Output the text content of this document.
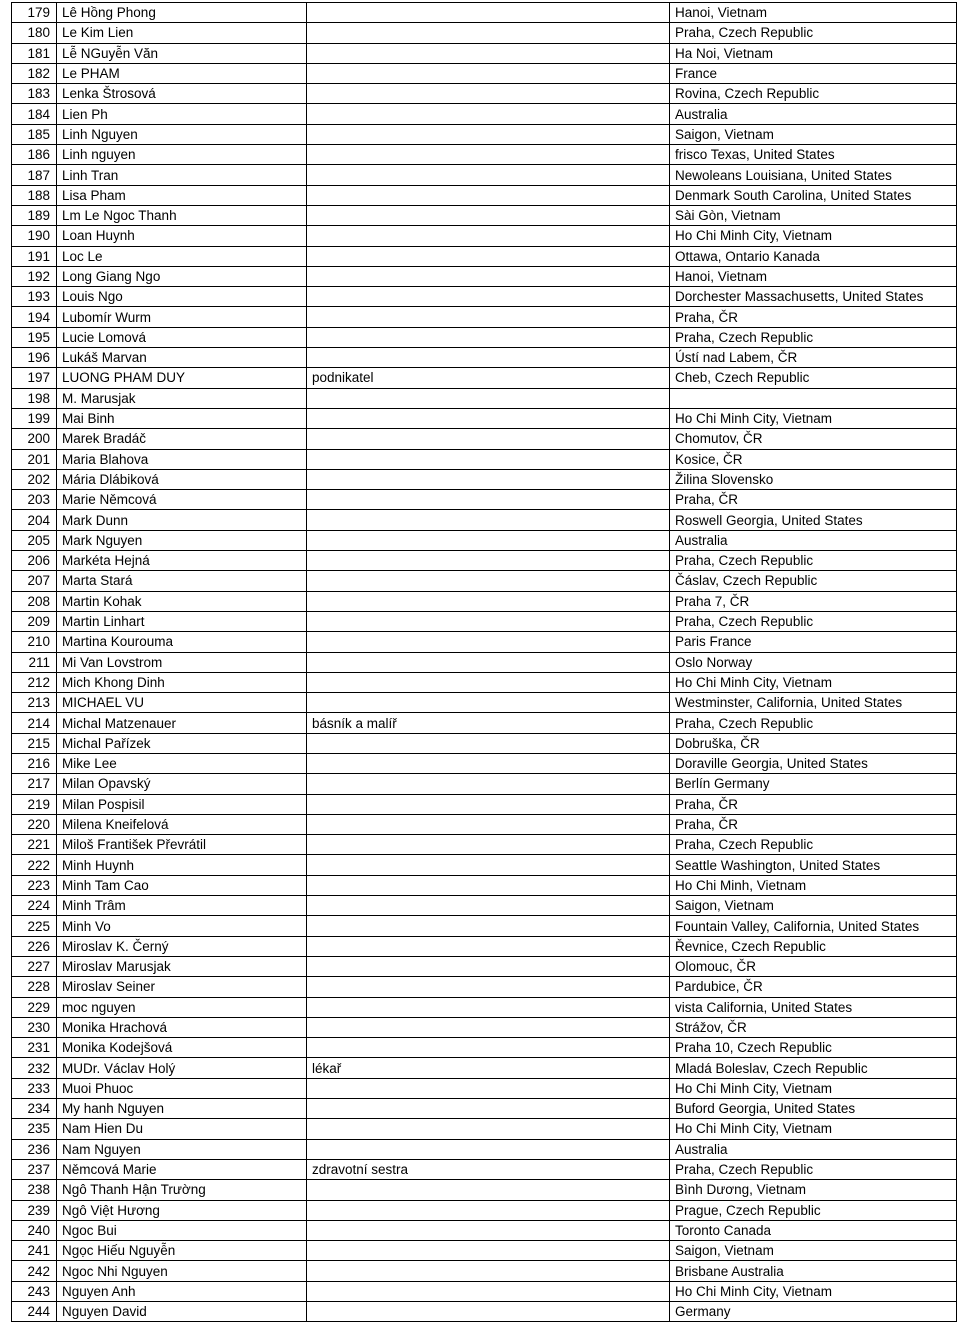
179	Lê Hồng Phong		Hanoi, Vietnam
180	Le Kim Lien		Praha, Czech Republic
181	Lễ NGuyễn Văn		Ha Noi, Vietnam
182	Le PHAM		France
183	Lenka Štrosová		Rovina, Czech Republic
184	Lien Ph		Australia
185	Linh Nguyen		Saigon, Vietnam
186	Linh nguyen		frisco Texas, United States
187	Linh Tran		Newoleans Louisiana, United States
188	Lisa Pham		Denmark South Carolina, United States
189	Lm Le Ngoc Thanh		Sài Gòn, Vietnam
190	Loan Huynh		Ho Chi Minh City, Vietnam
191	Loc Le		Ottawa, Ontario Kanada
192	Long Giang Ngo		Hanoi, Vietnam
193	Louis Ngo		Dorchester Massachusetts, United States
194	Lubomír Wurm		Praha, ČR
195	Lucie Lomová		Praha, Czech Republic
196	Lukáš Marvan		Ústí nad Labem, ČR
197	LUONG PHAM DUY	podnikatel	Cheb, Czech Republic
198	M. Marusjak		
199	Mai Binh		Ho Chi Minh City, Vietnam
200	Marek Bradáč		Chomutov, ČR
201	Maria Blahova		Kosice, ČR
202	Mária Dlábiková		Žilina Slovensko
203	Marie Němcová		Praha, ČR
204	Mark Dunn		Roswell Georgia, United States
205	Mark Nguyen		Australia
206	Markéta Hejná		Praha, Czech Republic
207	Marta Stará		Čáslav, Czech Republic
208	Martin Kohak		Praha 7, ČR
209	Martin Linhart		Praha, Czech Republic
210	Martina Kourouma		Paris France
211	Mi Van Lovstrom		Oslo Norway
212	Mich Khong Dinh		Ho Chi Minh City, Vietnam
213	MICHAEL VU		Westminster, California, United States
214	Michal Matzenauer	básník a malíř	Praha, Czech Republic
215	Michal Pařízek		Dobruška, ČR
216	Mike Lee		Doraville Georgia, United States
217	Milan Opavský		Berlín Germany
219	Milan Pospisil		Praha, ČR
220	Milena Kneifelová		Praha, ČR
221	Miloš František Převrátil		Praha, Czech Republic
222	Minh Huynh		Seattle Washington, United States
223	Minh Tam Cao		Ho Chi Minh, Vietnam
224	Minh Trâm		Saigon, Vietnam
225	Minh Vo		Fountain Valley, California, United States
226	Miroslav K. Černý		Řevnice, Czech Republic
227	Miroslav Marusjak		Olomouc, ČR
228	Miroslav Seiner		Pardubice, ČR
229	moc nguyen		vista California, United States
230	Monika Hrachová		Strážov, ČR
231	Monika Kodejšová		Praha 10, Czech Republic
232	MUDr. Václav Holý	lékař	Mladá Boleslav, Czech Republic
233	Muoi Phuoc		Ho Chi Minh City, Vietnam
234	My hanh Nguyen		Buford Georgia, United States
235	Nam Hien Du		Ho Chi Minh City, Vietnam
236	Nam Nguyen		Australia
237	Němcová Marie	zdravotní sestra	Praha, Czech Republic
238	Ngô Thanh Hận Trường		Bình Dương, Vietnam
239	Ngô Việt Hương		Prague, Czech Republic
240	Ngoc Bui		Toronto Canada
241	Ngọc Hiếu Nguyễn		Saigon, Vietnam
242	Ngoc Nhi Nguyen		Brisbane Australia
243	Nguyen Anh		Ho Chi Minh City, Vietnam
244	Nguyen David		Germany
